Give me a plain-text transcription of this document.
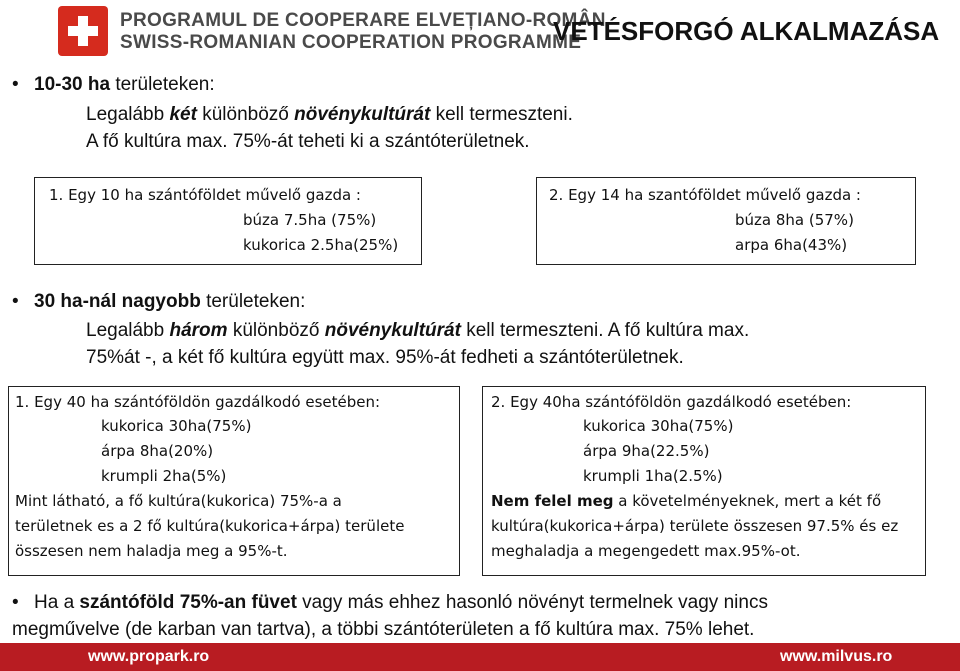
PROGRAMUL DE COOPERARE ELVEȚIANO-ROMÂN
SWISS-ROMANIAN COOPERATION PROGRAMME
VETÉSFORGÓ ALKALMAZÁSA
• 10-30 ha területeken:
Legalább két különböző növénykultúrát kell termeszteni.
A fő kultúra max. 75%-át teheti ki a szántóterületnek.
1. Egy 10 ha szántóföldet művelő gazda :
búza 7.5ha (75%)
kukorica 2.5ha(25%)
2. Egy 14 ha szantóföldet művelő gazda :
búza 8ha (57%)
arpa 6ha(43%)
• 30 ha-nál nagyobb területeken:
Legalább három különböző növénykultúrát kell termeszteni. A fő kultúra max.
75%át -, a két fő kultúra együtt max. 95%-át fedheti a szántóterületnek.
1. Egy 40 ha szántóföldön gazdálkodó esetében:
kukorica 30ha(75%)
árpa 8ha(20%)
krumpli 2ha(5%)
Mint látható, a fő kultúra(kukorica) 75%-a a
területnek es a 2 fő kultúra(kukorica+árpa) területe
összesen nem haladja meg a 95%-t.
2. Egy 40ha szántóföldön gazdálkodó esetében:
kukorica 30ha(75%)
árpa 9ha(22.5%)
krumpli 1ha(2.5%)
Nem felel meg a követelményeknek, mert a két fő
kultúra(kukorica+árpa) területe összesen 97.5% és ez
meghaladja a megengedett max.95%-ot.
• Ha a szántóföld 75%-an füvet vagy más ehhez hasonló növényt termelnek vagy nincs
megművelve (de karban van tartva), a többi szántóterületen a fő kultúra max. 75% lehet.
www.propark.ro	www.milvus.ro
